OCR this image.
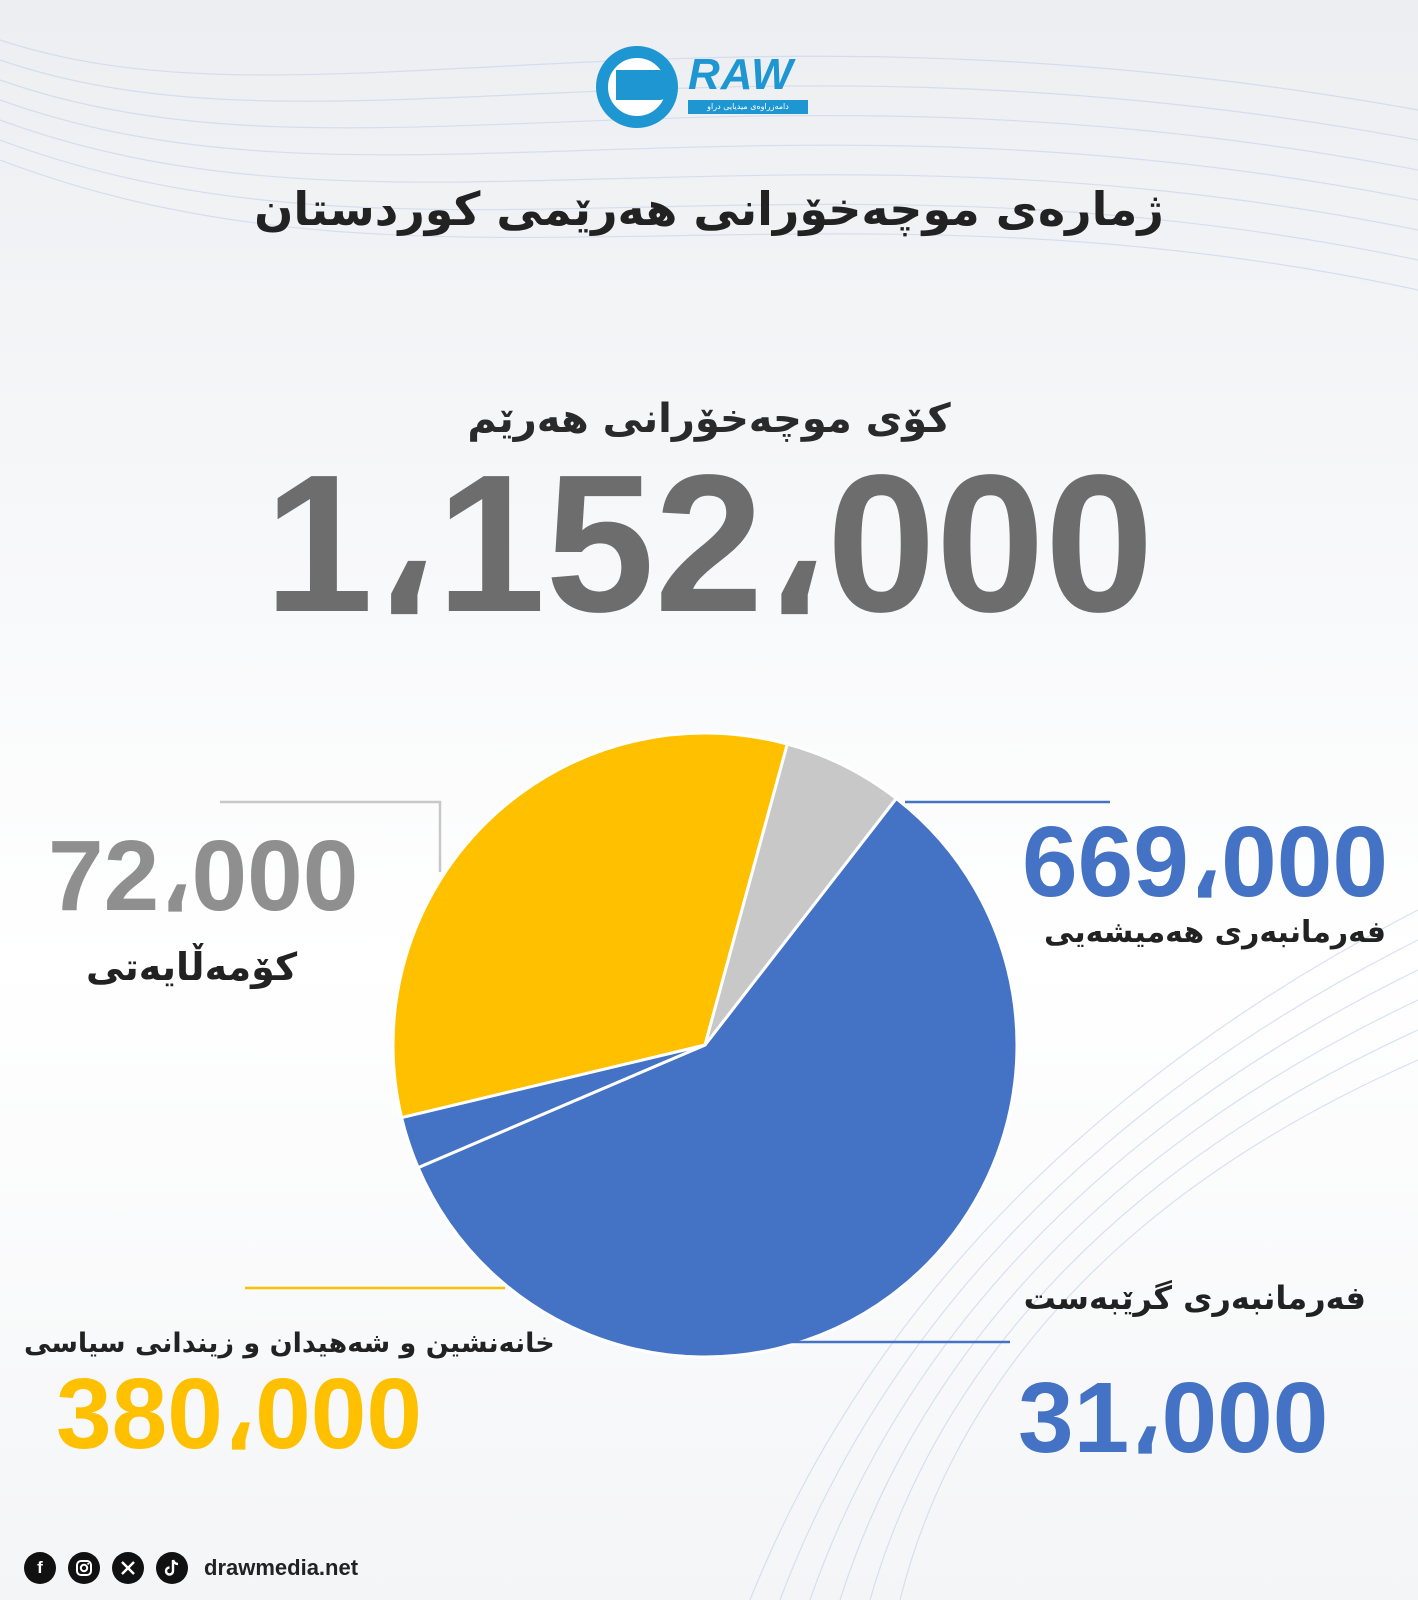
RAW
دامەزراوەی میدیایی دراو
ژمارەی موچەخۆرانی هەرێمی کوردستان
کۆی موچەخۆرانی هەرێم
1،152،000
669،000
فەرمانبەری هەمیشەیی
72،000
کۆمەڵایەتی
خانەنشین و شەهیدان و زیندانی سیاسی
380،000
فەرمانبەری گرێبەست
31،000
f	drawmedia.net
